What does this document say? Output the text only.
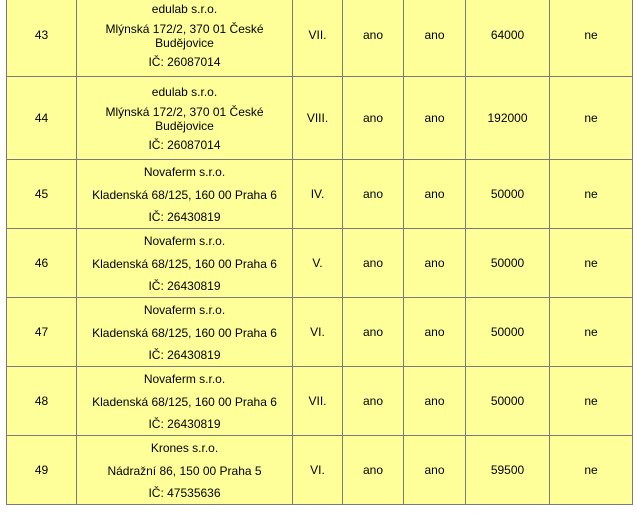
43	edulab s.r.o.
Mlýnská 172/2, 370 01 České
Budějovice
IČ: 26087014	VII.	ano	ano	64000	ne
44	edulab s.r.o.
Mlýnská 172/2, 370 01 České
Budějovice
IČ: 26087014	VIII.	ano	ano	192000	ne
45	Novaferm s.r.o.
Kladenská 68/125, 160 00 Praha 6
IČ: 26430819	IV.	ano	ano	50000	ne
46	Novaferm s.r.o.
Kladenská 68/125, 160 00 Praha 6
IČ: 26430819	V.	ano	ano	50000	ne
47	Novaferm s.r.o.
Kladenská 68/125, 160 00 Praha 6
IČ: 26430819	VI.	ano	ano	50000	ne
48	Novaferm s.r.o.
Kladenská 68/125, 160 00 Praha 6
IČ: 26430819	VII.	ano	ano	50000	ne
49	Krones s.r.o.
Nádražní 86, 150 00 Praha 5
IČ: 47535636	VI.	ano	ano	59500	ne
